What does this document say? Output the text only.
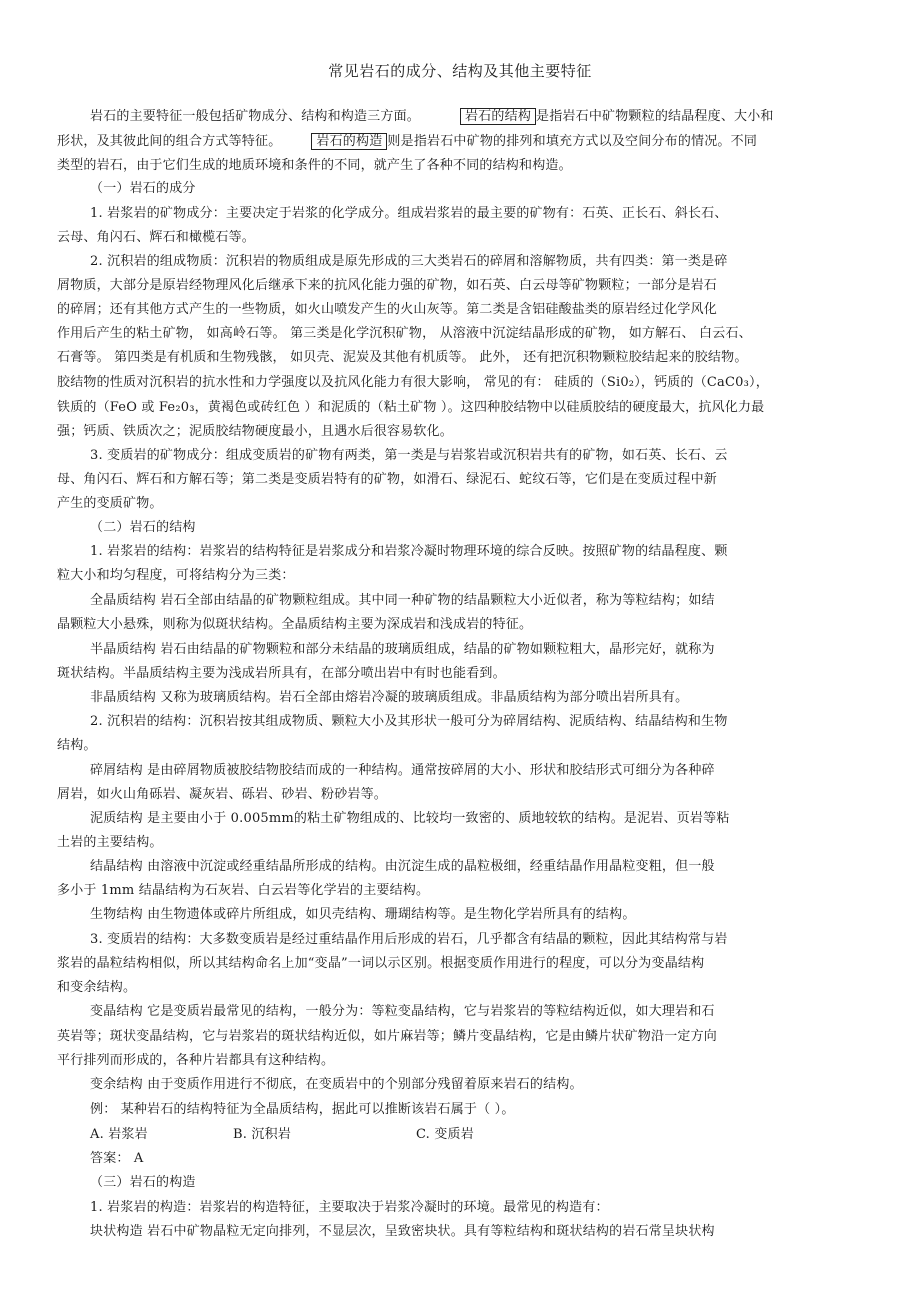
常见岩石的成分、结构及其他主要特征
岩石的主要特征一般包括矿物成分、结构和构造三方面。	岩石的结构 是指岩石中矿物颗粒的结晶程度、大小和
形状，及其彼此间的组合方式等特征。	岩石的构造 则是指岩石中矿物的排列和填充方式以及空间分布的情况。不同
类型的岩石，由于它们生成的地质环境和条件的不同，就产生了各种不同的结构和构造。
（一）岩石的成分
1. 岩浆岩的矿物成分：主要决定于岩浆的化学成分。组成岩浆岩的最主要的矿物有：石英、正长石、斜长石、
云母、角闪石、辉石和橄榄石等。
2. 沉积岩的组成物质：沉积岩的物质组成是原先形成的三大类岩石的碎屑和溶解物质，共有四类：第一类是碎
屑物质，大部分是原岩经物理风化后继承下来的抗风化能力强的矿物，如石英、白云母等矿物颗粒；一部分是岩石
的碎屑；还有其他方式产生的一些物质，如火山喷发产生的火山灰等。第二类是含铝硅酸盐类的原岩经过化学风化
作用后产生的粘土矿物， 如高岭石等。 第三类是化学沉积矿物， 从溶液中沉淀结晶形成的矿物， 如方解石、 白云石、
石膏等。 第四类是有机质和生物残骸， 如贝壳、泥炭及其他有机质等。 此外， 还有把沉积物颗粒胶结起来的胶结物。
胶结物的性质对沉积岩的抗水性和力学强度以及抗风化能力有很大影响， 常见的有： 硅质的（Si0₂），钙质的（CaC0₃），
铁质的（FeO 或 Fe₂0₃，黄褐色或砖红色 ）和泥质的（粘土矿物 ）。这四种胶结物中以硅质胶结的硬度最大，抗风化力最
强；钙质、铁质次之；泥质胶结物硬度最小，且遇水后很容易软化。
3. 变质岩的矿物成分：组成变质岩的矿物有两类，第一类是与岩浆岩或沉积岩共有的矿物，如石英、长石、云
母、角闪石、辉石和方解石等；第二类是变质岩特有的矿物，如滑石、绿泥石、蛇纹石等，它们是在变质过程中新
产生的变质矿物。
（二）岩石的结构
1. 岩浆岩的结构：岩浆岩的结构特征是岩浆成分和岩浆冷凝时物理环境的综合反映。按照矿物的结晶程度、颗
粒大小和均匀程度，可将结构分为三类：
全晶质结构 岩石全部由结晶的矿物颗粒组成。其中同一种矿物的结晶颗粒大小近似者，称为等粒结构；如结
晶颗粒大小悬殊，则称为似斑状结构。全晶质结构主要为深成岩和浅成岩的特征。
半晶质结构 岩石由结晶的矿物颗粒和部分未结晶的玻璃质组成，结晶的矿物如颗粒粗大，晶形完好，就称为
斑状结构。半晶质结构主要为浅成岩所具有，在部分喷出岩中有时也能看到。
非晶质结构 又称为玻璃质结构。岩石全部由熔岩冷凝的玻璃质组成。非晶质结构为部分喷出岩所具有。
2. 沉积岩的结构：沉积岩按其组成物质、颗粒大小及其形状一般可分为碎屑结构、泥质结构、结晶结构和生物
结构。
碎屑结构 是由碎屑物质被胶结物胶结而成的一种结构。通常按碎屑的大小、形状和胶结形式可细分为各种碎
屑岩，如火山角砾岩、凝灰岩、砾岩、砂岩、粉砂岩等。
泥质结构 是主要由小于 0.005mm的粘土矿物组成的、比较均一致密的、质地较软的结构。是泥岩、页岩等粘
土岩的主要结构。
结晶结构 由溶液中沉淀或经重结晶所形成的结构。由沉淀生成的晶粒极细，经重结晶作用晶粒变粗，但一般
多小于 1mm 结晶结构为石灰岩、白云岩等化学岩的主要结构。
生物结构 由生物遗体或碎片所组成，如贝壳结构、珊瑚结构等。是生物化学岩所具有的结构。
3. 变质岩的结构：大多数变质岩是经过重结晶作用后形成的岩石，几乎都含有结晶的颗粒，因此其结构常与岩
浆岩的晶粒结构相似，所以其结构命名上加“变晶”一词以示区别。根据变质作用进行的程度，可以分为变晶结构
和变余结构。
变晶结构 它是变质岩最常见的结构，一般分为：等粒变晶结构，它与岩浆岩的等粒结构近似，如大理岩和石
英岩等；斑状变晶结构，它与岩浆岩的斑状结构近似，如片麻岩等；鳞片变晶结构，它是由鳞片状矿物沿一定方向
平行排列而形成的，各种片岩都具有这种结构。
变余结构 由于变质作用进行不彻底，在变质岩中的个别部分残留着原来岩石的结构。
例： 某种岩石的结构特征为全晶质结构，据此可以推断该岩石属于（ ）。
A. 岩浆岩	B. 沉积岩	C. 变质岩
答案： A
（三）岩石的构造
1. 岩浆岩的构造：岩浆岩的构造特征，主要取决于岩浆冷凝时的环境。最常见的构造有：
块状构造 岩石中矿物晶粒无定向排列，不显层次，呈致密块状。具有等粒结构和斑状结构的岩石常呈块状构
